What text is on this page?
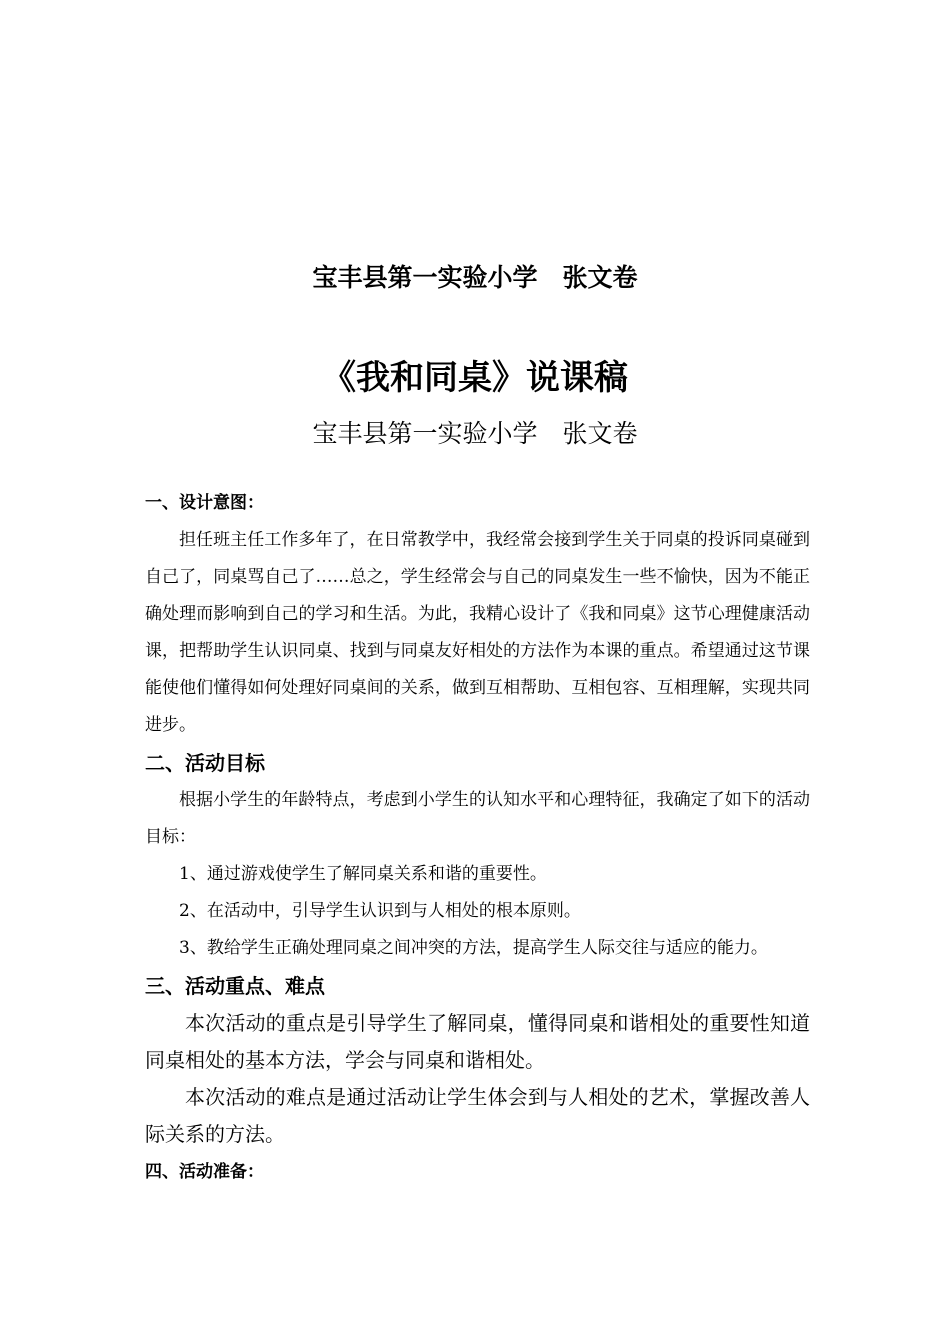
宝丰县第一实验小学　张文卷
《我和同桌》说课稿
宝丰县第一实验小学　张文卷
一、设计意图：
担任班主任工作多年了，在日常教学中，我经常会接到学生关于同桌的投诉同桌碰到自己了，同桌骂自己了……总之，学生经常会与自己的同桌发生一些不愉快，因为不能正确处理而影响到自己的学习和生活。为此，我精心设计了《我和同桌》这节心理健康活动课，把帮助学生认识同桌、找到与同桌友好相处的方法作为本课的重点。希望通过这节课能使他们懂得如何处理好同桌间的关系，做到互相帮助、互相包容、互相理解，实现共同进步。
二、活动目标
根据小学生的年龄特点，考虑到小学生的认知水平和心理特征，我确定了如下的活动目标：
1、通过游戏使学生了解同桌关系和谐的重要性。
2、在活动中，引导学生认识到与人相处的根本原则。
3、教给学生正确处理同桌之间冲突的方法，提高学生人际交往与适应的能力。
三、活动重点、难点
本次活动的重点是引导学生了解同桌，懂得同桌和谐相处的重要性知道同桌相处的基本方法，学会与同桌和谐相处。
本次活动的难点是通过活动让学生体会到与人相处的艺术，掌握改善人际关系的方法。
四、活动准备：
